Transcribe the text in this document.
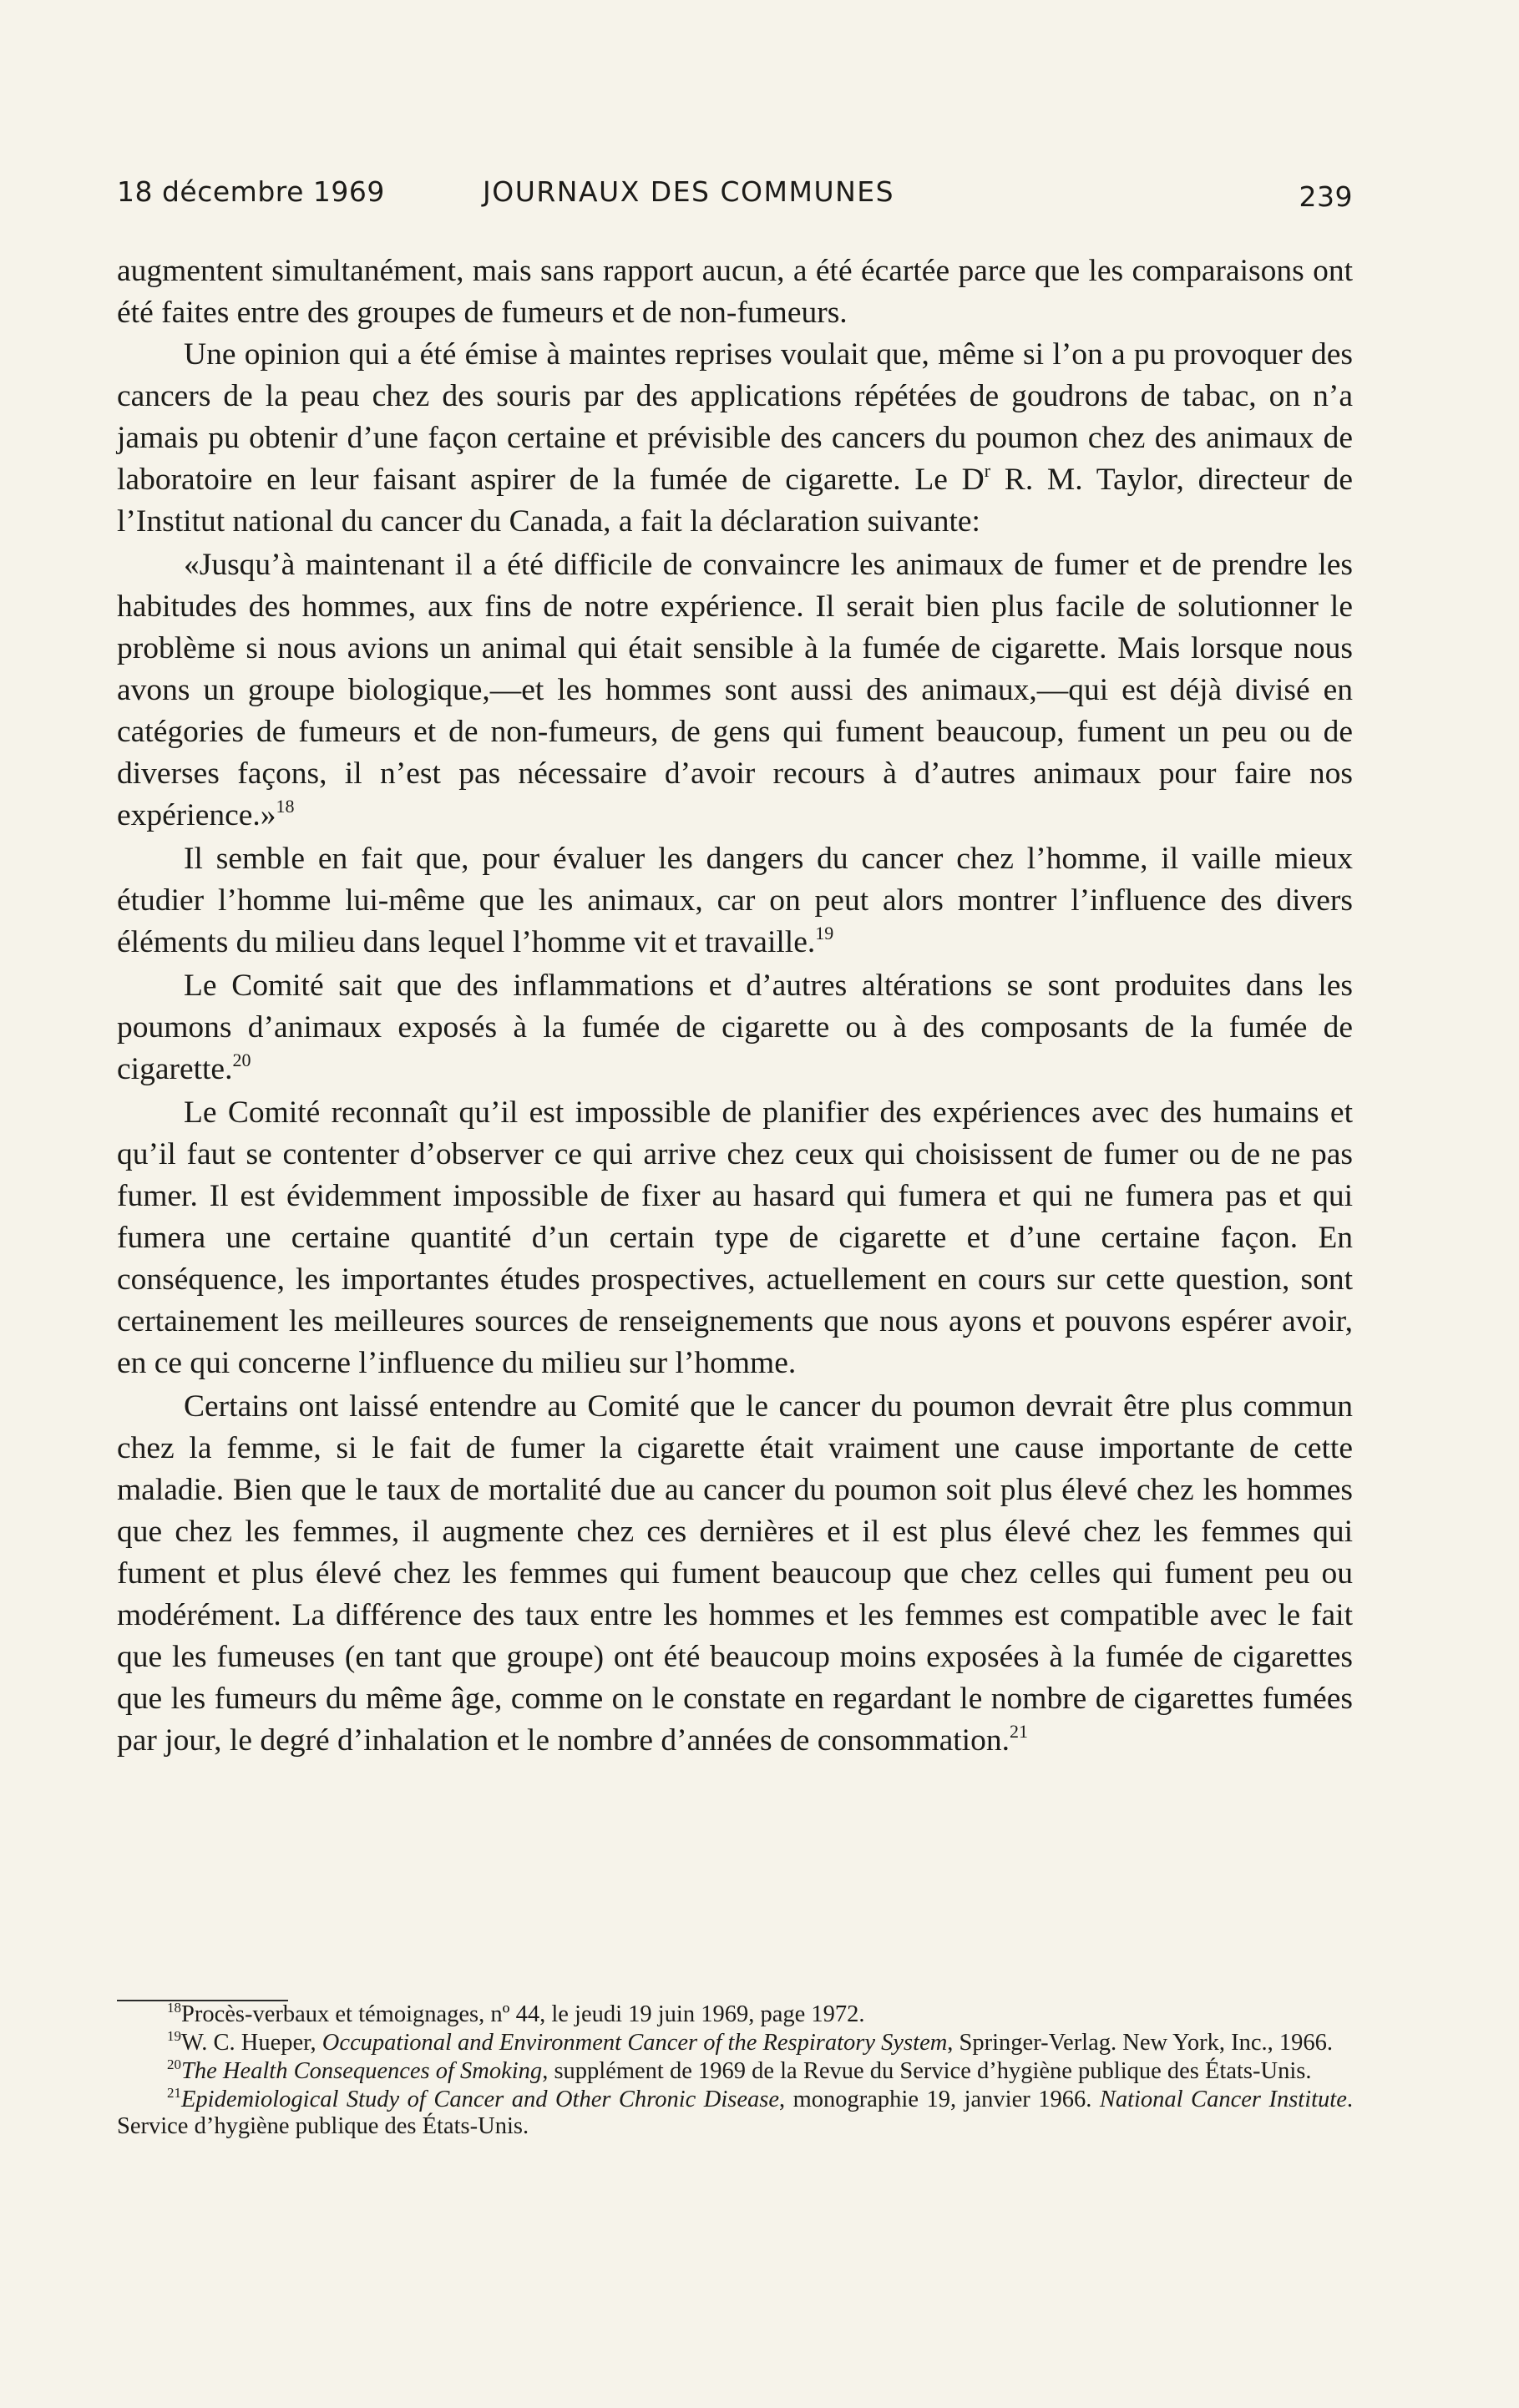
18 décembre 1969	JOURNAUX DES COMMUNES	239

augmentent simultanément, mais sans rapport aucun, a été écartée parce que les comparaisons ont été faites entre des groupes de fumeurs et de non-fumeurs.

Une opinion qui a été émise à maintes reprises voulait que, même si l’on a pu provoquer des cancers de la peau chez des souris par des applications répétées de goudrons de tabac, on n’a jamais pu obtenir d’une façon certaine et prévisible des cancers du poumon chez des animaux de laboratoire en leur faisant aspirer de la fumée de cigarette. Le $D^r$ R. M. Taylor, directeur de l’Institut national du cancer du Canada, a fait la déclaration suivante:

«Jusqu’à maintenant il a été difficile de convaincre les animaux de fumer et de prendre les habitudes des hommes, aux fins de notre expérience. Il serait bien plus facile de solutionner le problème si nous avions un animal qui était sensible à la fumée de cigarette. Mais lorsque nous avons un groupe biologique,—et les hommes sont aussi des animaux,—qui est déjà divisé en catégories de fumeurs et de non-fumeurs, de gens qui fument beaucoup, fument un peu ou de diverses façons, il n’est pas nécessaire d’avoir recours à d’autres animaux pour faire nos expérience.»$^{18}$

Il semble en fait que, pour évaluer les dangers du cancer chez l’homme, il vaille mieux étudier l’homme lui-même que les animaux, car on peut alors montrer l’influence des divers éléments du milieu dans lequel l’homme vit et travaille.$^{19}$

Le Comité sait que des inflammations et d’autres altérations se sont produites dans les poumons d’animaux exposés à la fumée de cigarette ou à des composants de la fumée de cigarette.$^{20}$

Le Comité reconnaît qu’il est impossible de planifier des expériences avec des humains et qu’il faut se contenter d’observer ce qui arrive chez ceux qui choisissent de fumer ou de ne pas fumer. Il est évidemment impossible de fixer au hasard qui fumera et qui ne fumera pas et qui fumera une certaine quantité d’un certain type de cigarette et d’une certaine façon. En conséquence, les importantes études prospectives, actuellement en cours sur cette question, sont certainement les meilleures sources de renseignements que nous ayons et pouvons espérer avoir, en ce qui concerne l’influence du milieu sur l’homme.

Certains ont laissé entendre au Comité que le cancer du poumon devrait être plus commun chez la femme, si le fait de fumer la cigarette était vraiment une cause importante de cette maladie. Bien que le taux de mortalité due au cancer du poumon soit plus élevé chez les hommes que chez les femmes, il augmente chez ces dernières et il est plus élevé chez les femmes qui fument et plus élevé chez les femmes qui fument beaucoup que chez celles qui fument peu ou modérément. La différence des taux entre les hommes et les femmes est compatible avec le fait que les fumeuses (en tant que groupe) ont été beaucoup moins exposées à la fumée de cigarettes que les fumeurs du même âge, comme on le constate en regardant le nombre de cigarettes fumées par jour, le degré d’inhalation et le nombre d’années de consommation.$^{21}$

$^{18}$Procès-verbaux et témoignages, nº 44, le jeudi 19 juin 1969, page 1972.

$^{19}$W. C. Hueper, Occupational and Environment Cancer of the Respiratory System, Springer-Verlag. New York, Inc., 1966.

$^{20}$The Health Consequences of Smoking, supplément de 1969 de la Revue du Service d’hygiène publique des États-Unis.

$^{21}$Epidemiological Study of Cancer and Other Chronic Disease, monographie 19, janvier 1966. National Cancer Institute. Service d’hygiène publique des États-Unis.
